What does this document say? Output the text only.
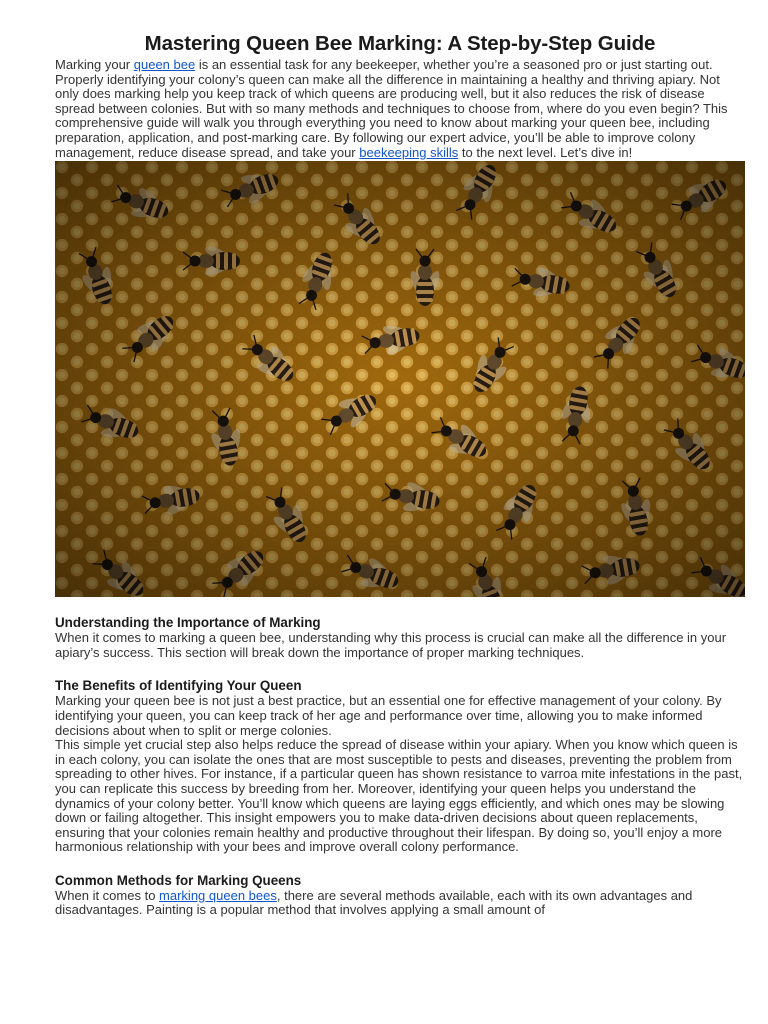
Mastering Queen Bee Marking: A Step-by-Step Guide

Marking your queen bee is an essential task for any beekeeper, whether you’re a seasoned pro or just starting out. Properly identifying your colony’s queen can make all the difference in maintaining a healthy and thriving apiary. Not only does marking help you keep track of which queens are producing well, but it also reduces the risk of disease spread between colonies. But with so many methods and techniques to choose from, where do you even begin? This comprehensive guide will walk you through everything you need to know about marking your queen bee, including preparation, application, and post-marking care. By following our expert advice, you’ll be able to improve colony management, reduce disease spread, and take your beekeeping skills to the next level. Let’s dive in!

Understanding the Importance of Marking

When it comes to marking a queen bee, understanding why this process is crucial can make all the difference in your apiary’s success. This section will break down the importance of proper marking techniques.

The Benefits of Identifying Your Queen

Marking your queen bee is not just a best practice, but an essential one for effective management of your colony. By identifying your queen, you can keep track of her age and performance over time, allowing you to make informed decisions about when to split or merge colonies.

This simple yet crucial step also helps reduce the spread of disease within your apiary. When you know which queen is in each colony, you can isolate the ones that are most susceptible to pests and diseases, preventing the problem from spreading to other hives. For instance, if a particular queen has shown resistance to varroa mite infestations in the past, you can replicate this success by breeding from her. Moreover, identifying your queen helps you understand the dynamics of your colony better. You’ll know which queens are laying eggs efficiently, and which ones may be slowing down or failing altogether. This insight empowers you to make data-driven decisions about queen replacements, ensuring that your colonies remain healthy and productive throughout their lifespan. By doing so, you’ll enjoy a more harmonious relationship with your bees and improve overall colony performance.

Common Methods for Marking Queens

When it comes to marking queen bees, there are several methods available, each with its own advantages and disadvantages. Painting is a popular method that involves applying a small amount of
